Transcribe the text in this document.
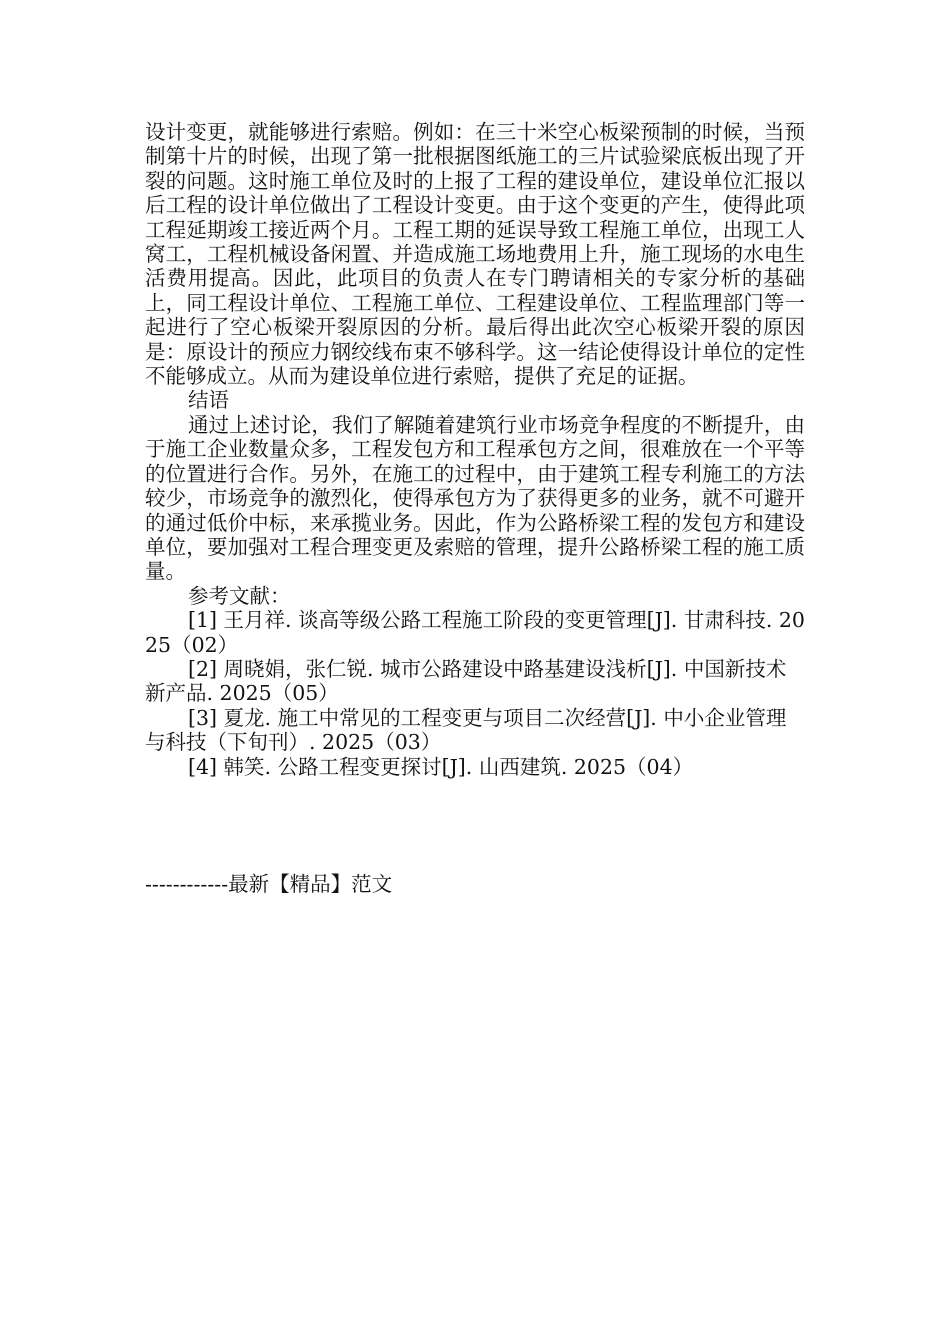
设计变更，就能够进行索赔。例如：在三十米空心板梁预制的时候，当预制第十片的时候，出现了第一批根据图纸施工的三片试验梁底板出现了开裂的问题。这时施工单位及时的上报了工程的建设单位，建设单位汇报以后工程的设计单位做出了工程设计变更。由于这个变更的产生，使得此项工程延期竣工接近两个月。工程工期的延误导致工程施工单位，出现工人窝工，工程机械设备闲置、并造成施工场地费用上升，施工现场的水电生活费用提高。因此，此项目的负责人在专门聘请相关的专家分析的基础上，同工程设计单位、工程施工单位、工程建设单位、工程监理部门等一起进行了空心板梁开裂原因的分析。最后得出此次空心板梁开裂的原因是：原设计的预应力钢绞线布束不够科学。这一结论使得设计单位的定性不能够成立。从而为建设单位进行索赔，提供了充足的证据。

结语

通过上述讨论，我们了解随着建筑行业市场竞争程度的不断提升，由于施工企业数量众多，工程发包方和工程承包方之间，很难放在一个平等的位置进行合作。另外，在施工的过程中，由于建筑工程专利施工的方法较少，市场竞争的激烈化，使得承包方为了获得更多的业务，就不可避开的通过低价中标，来承揽业务。因此，作为公路桥梁工程的发包方和建设单位，要加强对工程合理变更及索赔的管理，提升公路桥梁工程的施工质量。

参考文献：

[1] 王月祥. 谈高等级公路工程施工阶段的变更管理[J]. 甘肃科技. 2025（02）

[2] 周晓娟，张仁锐. 城市公路建设中路基建设浅析[J]. 中国新技术新产品. 2025（05）

[3] 夏龙. 施工中常见的工程变更与项目二次经营[J]. 中小企业管理与科技（下旬刊）. 2025（03）

[4] 韩笑. 公路工程变更探讨[J]. 山西建筑. 2025（04）

------------最新【精品】范文
